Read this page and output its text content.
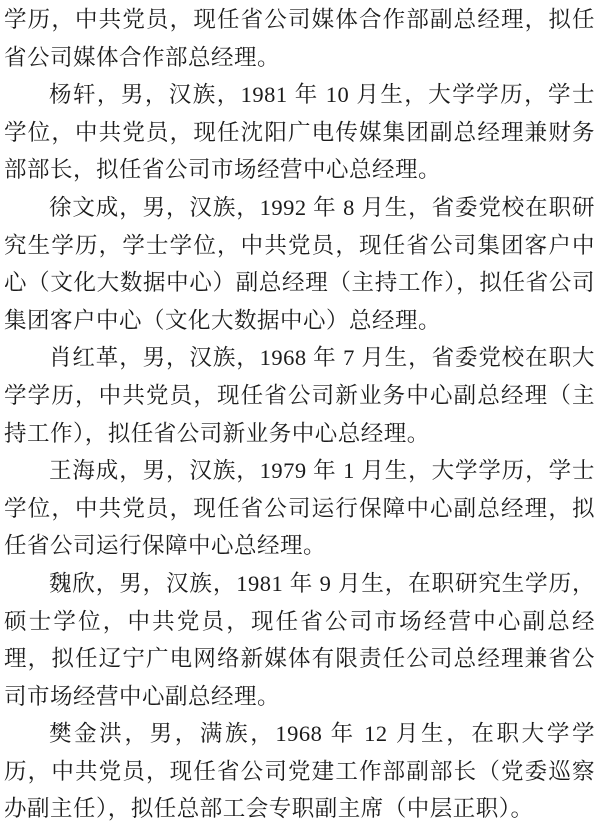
学历，中共党员，现任省公司媒体合作部副总经理，拟任省公司媒体合作部总经理。

杨轩，男，汉族，1981 年 10 月生，大学学历，学士学位，中共党员，现任沈阳广电传媒集团副总经理兼财务部部长，拟任省公司市场经营中心总经理。

徐文成，男，汉族，1992 年 8 月生，省委党校在职研究生学历，学士学位，中共党员，现任省公司集团客户中心（文化大数据中心）副总经理（主持工作），拟任省公司集团客户中心（文化大数据中心）总经理。

肖红革，男，汉族，1968 年 7 月生，省委党校在职大学学历，中共党员，现任省公司新业务中心副总经理（主持工作），拟任省公司新业务中心总经理。

王海成，男，汉族，1979 年 1 月生，大学学历，学士学位，中共党员，现任省公司运行保障中心副总经理，拟任省公司运行保障中心总经理。

魏欣，男，汉族，1981 年 9 月生，在职研究生学历，硕士学位，中共党员，现任省公司市场经营中心副总经理，拟任辽宁广电网络新媒体有限责任公司总经理兼省公司市场经营中心副总经理。

樊金洪，男，满族，1968 年 12 月生，在职大学学历，中共党员，现任省公司党建工作部副部长（党委巡察办副主任），拟任总部工会专职副主席（中层正职）。
